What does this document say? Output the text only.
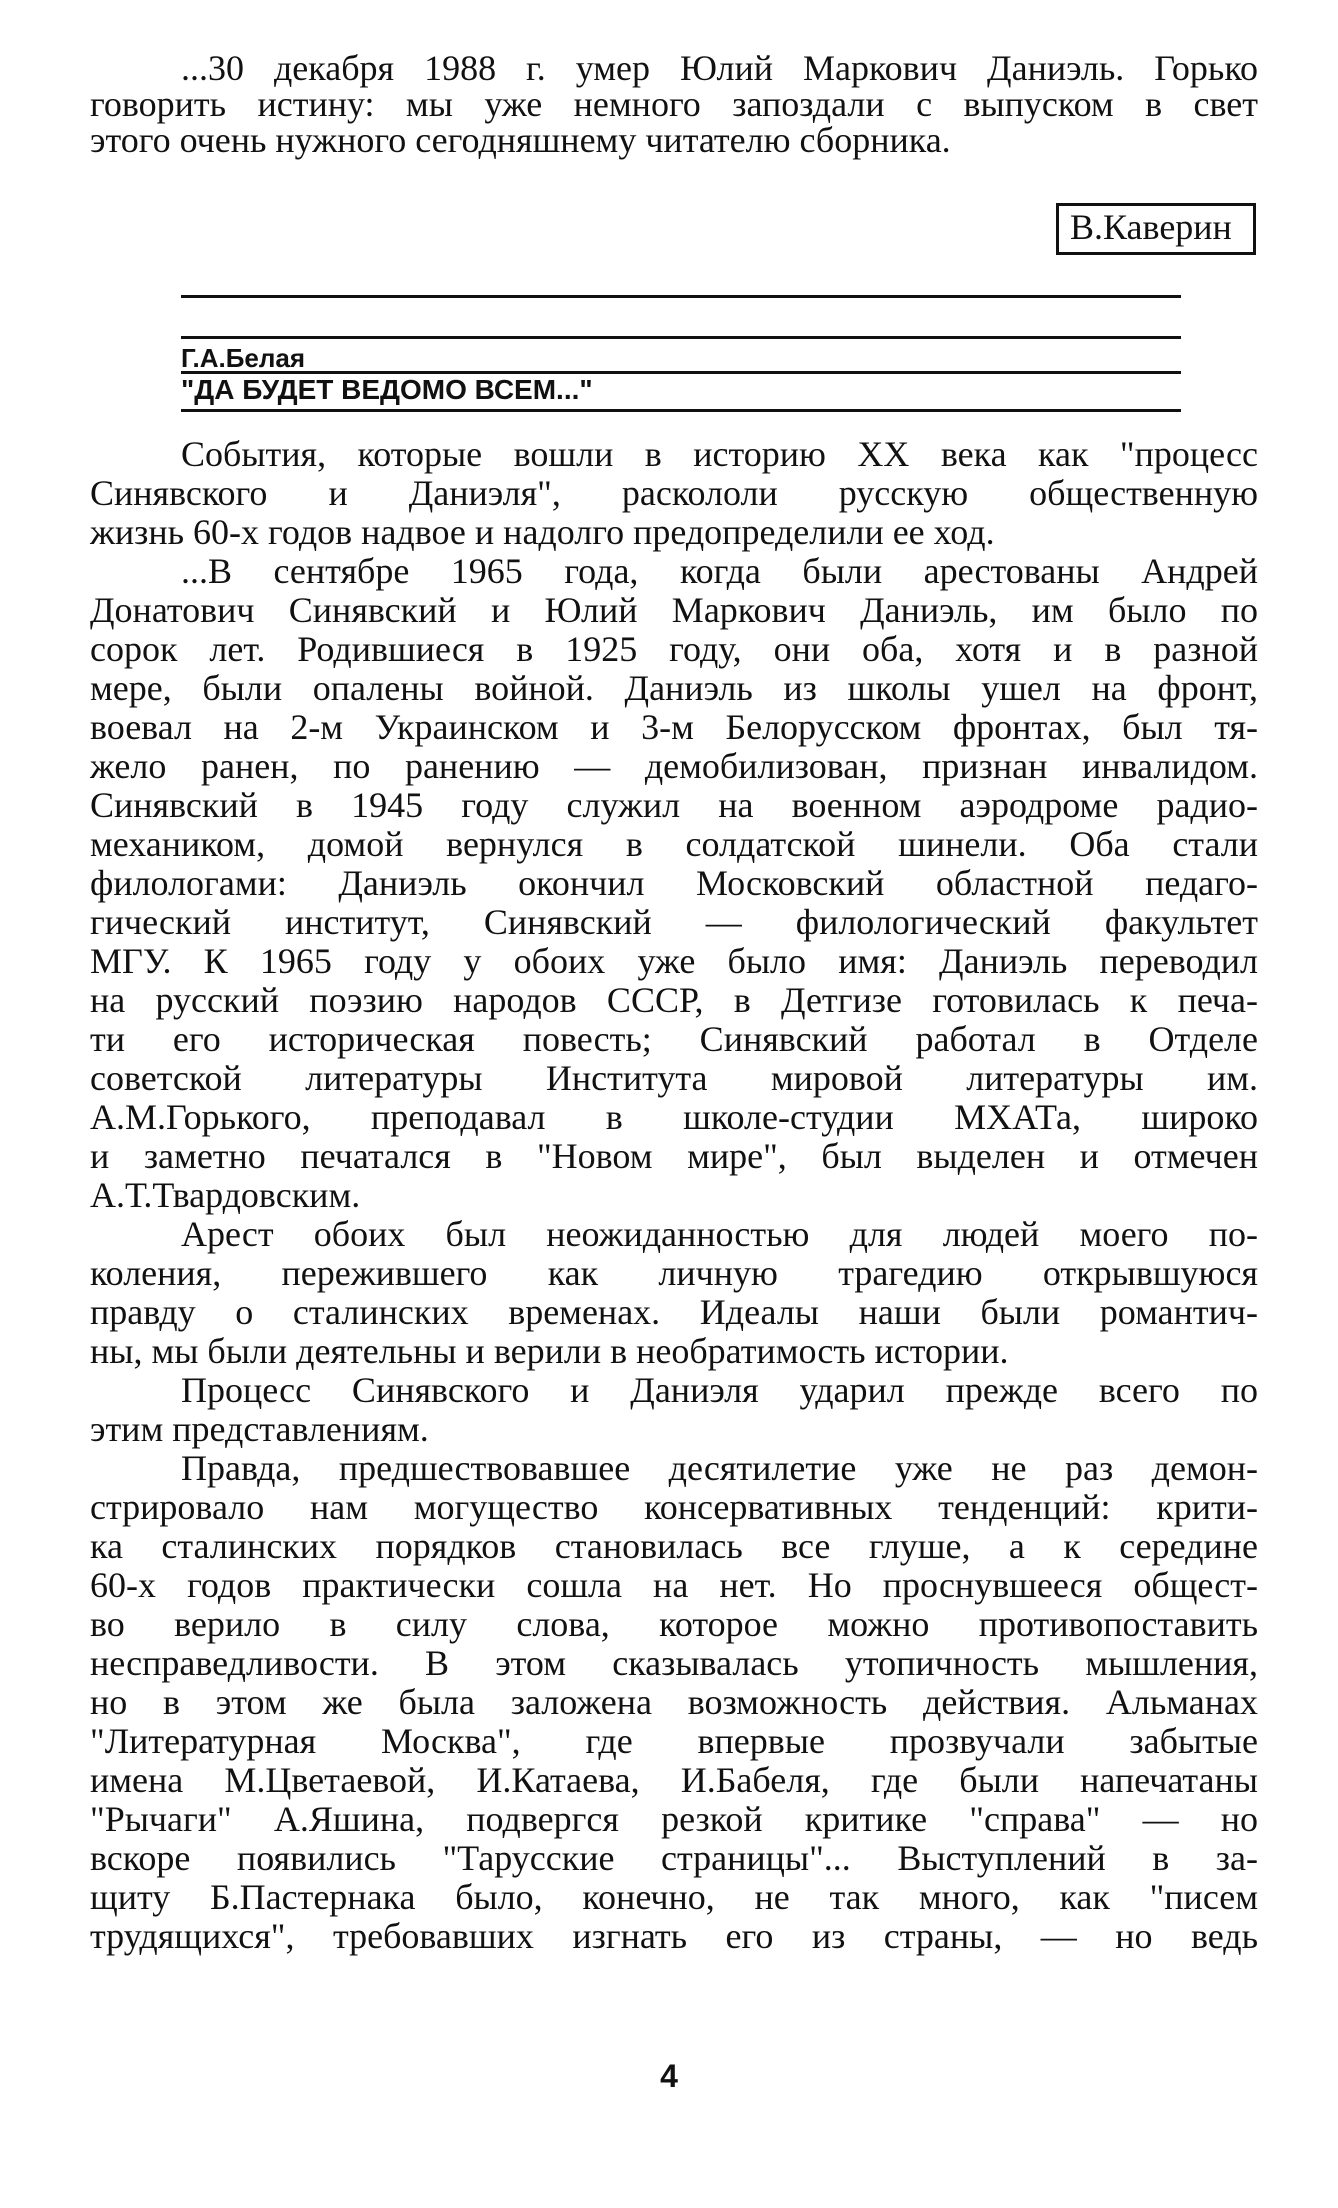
...30 декабря 1988 г. умер Юлий Маркович Даниэль. Горько
говорить истину: мы уже немного запоздали с выпуском в свет
этого очень нужного сегодняшнему читателю сборника.
В.Каверин
Г.А.Белая
"ДА БУДЕТ ВЕДОМО ВСЕМ..."
События, которые вошли в историю XX века как "процесс
Синявского и Даниэля", раскололи русскую общественную
жизнь 60-х годов надвое и надолго предопределили ее ход.
...В сентябре 1965 года, когда были арестованы Андрей
Донатович Синявский и Юлий Маркович Даниэль, им было по
сорок лет. Родившиеся в 1925 году, они оба, хотя и в разной
мере, были опалены войной. Даниэль из школы ушел на фронт,
воевал на 2-м Украинском и 3-м Белорусском фронтах, был тя-
жело ранен, по ранению — демобилизован, признан инвалидом.
Синявский в 1945 году служил на военном аэродроме радио-
механиком, домой вернулся в солдатской шинели. Оба стали
филологами: Даниэль окончил Московский областной педаго-
гический институт, Синявский — филологический факультет
МГУ. К 1965 году у обоих уже было имя: Даниэль переводил
на русский поэзию народов СССР, в Детгизе готовилась к печа-
ти его историческая повесть; Синявский работал в Отделе
советской литературы Института мировой литературы им.
А.М.Горького, преподавал в школе-студии МХАТа, широко
и заметно печатался в "Новом мире", был выделен и отмечен
А.Т.Твардовским.
Арест обоих был неожиданностью для людей моего по-
коления, пережившего как личную трагедию открывшуюся
правду о сталинских временах. Идеалы наши были романтич-
ны, мы были деятельны и верили в необратимость истории.
Процесс Синявского и Даниэля ударил прежде всего по
этим представлениям.
Правда, предшествовавшее десятилетие уже не раз демон-
стрировало нам могущество консервативных тенденций: крити-
ка сталинских порядков становилась все глуше, а к середине
60-х годов практически сошла на нет. Но проснувшееся общест-
во верило в силу слова, которое можно противопоставить
несправедливости. В этом сказывалась утопичность мышления,
но в этом же была заложена возможность действия. Альманах
"Литературная Москва", где впервые прозвучали забытые
имена М.Цветаевой, И.Катаева, И.Бабеля, где были напечатаны
"Рычаги" А.Яшина, подвергся резкой критике "справа" — но
вскоре появились "Тарусские страницы"... Выступлений в за-
щиту Б.Пастернака было, конечно, не так много, как "писем
трудящихся", требовавших изгнать его из страны, — но ведь
4
